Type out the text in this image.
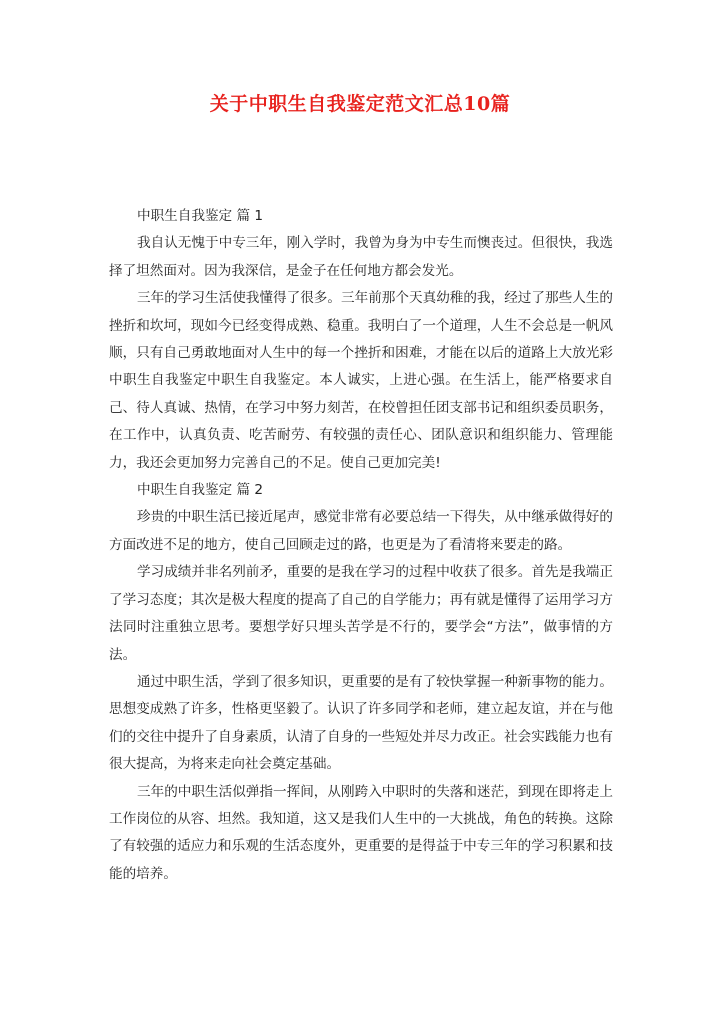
关于中职生自我鉴定范文汇总10篇

中职生自我鉴定 篇 1

我自认无愧于中专三年，刚入学时，我曾为身为中专生而懊丧过。但很快，我选择了坦然面对。因为我深信，是金子在任何地方都会发光。

三年的学习生活使我懂得了很多。三年前那个天真幼稚的我，经过了那些人生的挫折和坎坷，现如今已经变得成熟、稳重。我明白了一个道理，人生不会总是一帆风顺，只有自己勇敢地面对人生中的每一个挫折和困难，才能在以后的道路上大放光彩中职生自我鉴定中职生自我鉴定。本人诚实，上进心强。在生活上，能严格要求自己、待人真诚、热情，在学习中努力刻苦，在校曾担任团支部书记和组织委员职务，在工作中，认真负责、吃苦耐劳、有较强的责任心、团队意识和组织能力、管理能力，我还会更加努力完善自己的不足。使自己更加完美!

中职生自我鉴定 篇 2

珍贵的中职生活已接近尾声，感觉非常有必要总结一下得失，从中继承做得好的方面改进不足的地方，使自己回顾走过的路，也更是为了看清将来要走的路。

学习成绩并非名列前矛，重要的是我在学习的过程中收获了很多。首先是我端正了学习态度；其次是极大程度的提高了自己的自学能力；再有就是懂得了运用学习方法同时注重独立思考。要想学好只埋头苦学是不行的，要学会“方法”，做事情的方法。

通过中职生活，学到了很多知识，更重要的是有了较快掌握一种新事物的能力。思想变成熟了许多，性格更坚毅了。认识了许多同学和老师，建立起友谊，并在与他们的交往中提升了自身素质，认清了自身的一些短处并尽力改正。社会实践能力也有很大提高，为将来走向社会奠定基础。

三年的中职生活似弹指一挥间，从刚跨入中职时的失落和迷茫，到现在即将走上工作岗位的从容、坦然。我知道，这又是我们人生中的一大挑战，角色的转换。这除了有较强的适应力和乐观的生活态度外，更重要的是得益于中专三年的学习积累和技能的培养。
